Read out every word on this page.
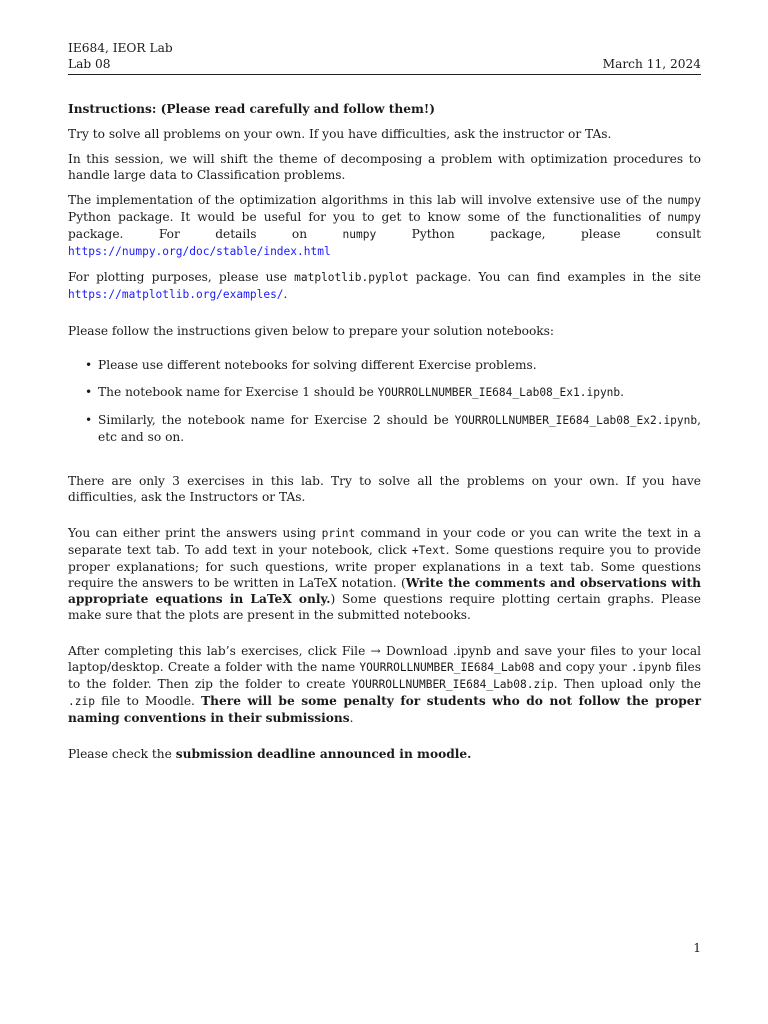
IE684, IEOR Lab
Lab 08	March 11, 2024

Instructions: (Please read carefully and follow them!)

Try to solve all problems on your own. If you have difficulties, ask the instructor or TAs.

In this session, we will shift the theme of decomposing a problem with optimization procedures to handle large data to Classification problems.

The implementation of the optimization algorithms in this lab will involve extensive use of the numpy Python package. It would be useful for you to get to know some of the functionalities of numpy package. For details on numpy Python package, please consult https://numpy.org/doc/stable/index.html

For plotting purposes, please use matplotlib.pyplot package. You can find examples in the site https://matplotlib.org/examples/.

Please follow the instructions given below to prepare your solution notebooks:

• Please use different notebooks for solving different Exercise problems.
• The notebook name for Exercise 1 should be YOURROLLNUMBER_IE684_Lab08_Ex1.ipynb.
• Similarly, the notebook name for Exercise 2 should be YOURROLLNUMBER_IE684_Lab08_Ex2.ipynb, etc and so on.

There are only 3 exercises in this lab. Try to solve all the problems on your own. If you have difficulties, ask the Instructors or TAs.

You can either print the answers using print command in your code or you can write the text in a separate text tab. To add text in your notebook, click +Text. Some questions require you to provide proper explanations; for such questions, write proper explanations in a text tab. Some questions require the answers to be written in LaTeX notation. (Write the comments and observations with appropriate equations in LaTeX only.) Some questions require plotting certain graphs. Please make sure that the plots are present in the submitted notebooks.

After completing this lab’s exercises, click File → Download .ipynb and save your files to your local laptop/desktop. Create a folder with the name YOURROLLNUMBER_IE684_Lab08 and copy your .ipynb files to the folder. Then zip the folder to create YOURROLLNUMBER_IE684_Lab08.zip. Then upload only the .zip file to Moodle. There will be some penalty for students who do not follow the proper naming conventions in their submissions.

Please check the submission deadline announced in moodle.

1
